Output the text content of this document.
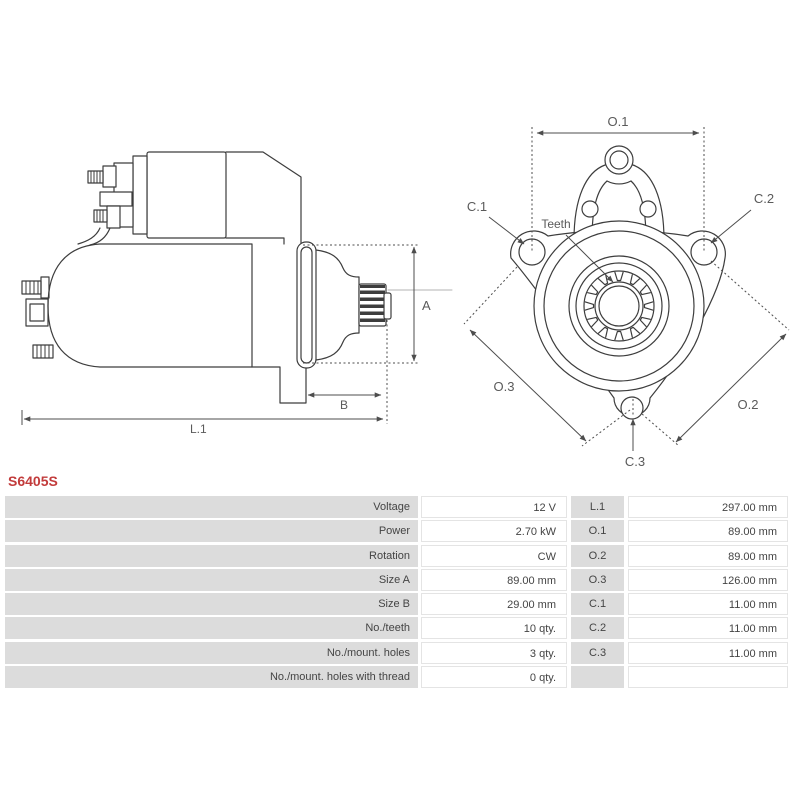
A
B
L.1
O.1
C.1
C.2
Teeth
O.3
O.2
C.3
S6405S
Voltage	12 V	L.1	297.00 mm
Power	2.70 kW	O.1	89.00 mm
Rotation	CW	O.2	89.00 mm
Size A	89.00 mm	O.3	126.00 mm
Size B	29.00 mm	C.1	11.00 mm
No./teeth	10 qty.	C.2	11.00 mm
No./mount. holes	3 qty.	C.3	11.00 mm
No./mount. holes with thread	0 qty.
